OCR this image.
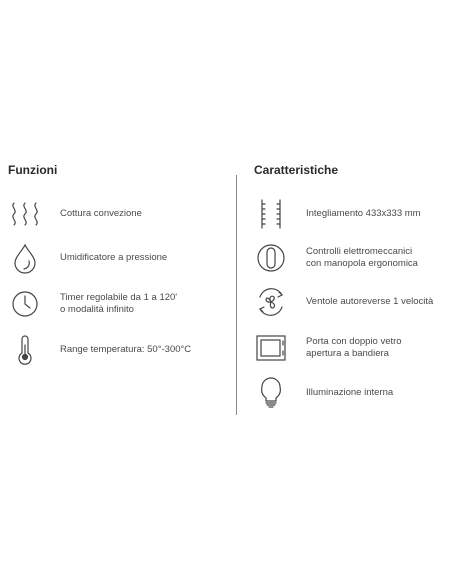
Funzioni
Cottura convezione
Umidificatore a pressione
Timer regolabile da 1 a 120'
o modalità infinito
Range temperatura: 50°-300°C
Caratteristiche
Integliamento 433x333 mm
Controlli elettromeccanici
con manopola ergonomica
Ventole autoreverse 1 velocità
Porta con doppio vetro
apertura a bandiera
Illuminazione interna
